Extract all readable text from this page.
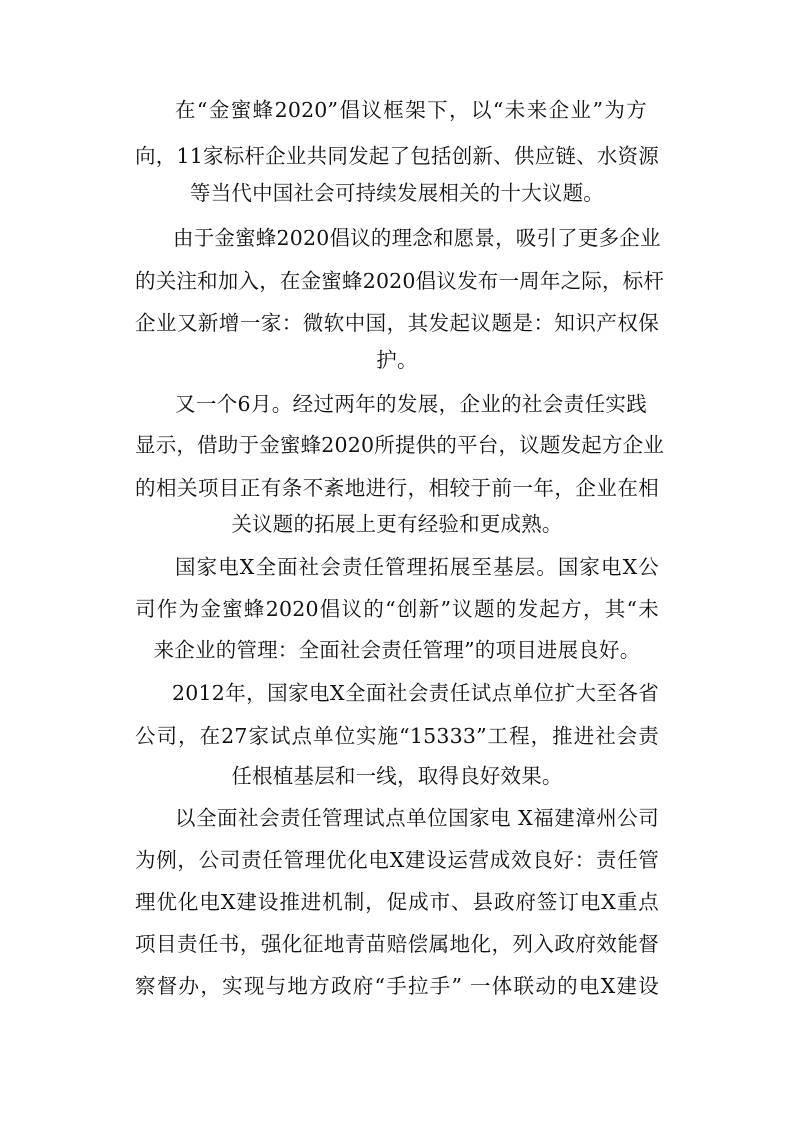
在“金蜜蜂2020”倡议框架下，以“未来企业”为方
向，11家标杆企业共同发起了包括创新、供应链、水资源
等当代中国社会可持续发展相关的十大议题。
由于金蜜蜂2020倡议的理念和愿景，吸引了更多企业
的关注和加入，在金蜜蜂2020倡议发布一周年之际，标杆
企业又新增一家：微软中国，其发起议题是：知识产权保
护。
又一个6月。经过两年的发展，企业的社会责任实践
显示，借助于金蜜蜂2020所提供的平台，议题发起方企业
的相关项目正有条不紊地进行，相较于前一年，企业在相
关议题的拓展上更有经验和更成熟。
国家电X全面社会责任管理拓展至基层。国家电X公
司作为金蜜蜂2020倡议的“创新”议题的发起方，其“未
来企业的管理：全面社会责任管理”的项目进展良好。
2012年，国家电X全面社会责任试点单位扩大至各省
公司，在27家试点单位实施“15333”工程，推进社会责
任根植基层和一线，取得良好效果。
以全面社会责任管理试点单位国家电 X福建漳州公司
为例，公司责任管理优化电X建设运营成效良好：责任管
理优化电X建设推进机制，促成市、县政府签订电X重点
项目责任书，强化征地青苗赔偿属地化，列入政府效能督
察督办，实现与地方政府“手拉手” 一体联动的电X建设
